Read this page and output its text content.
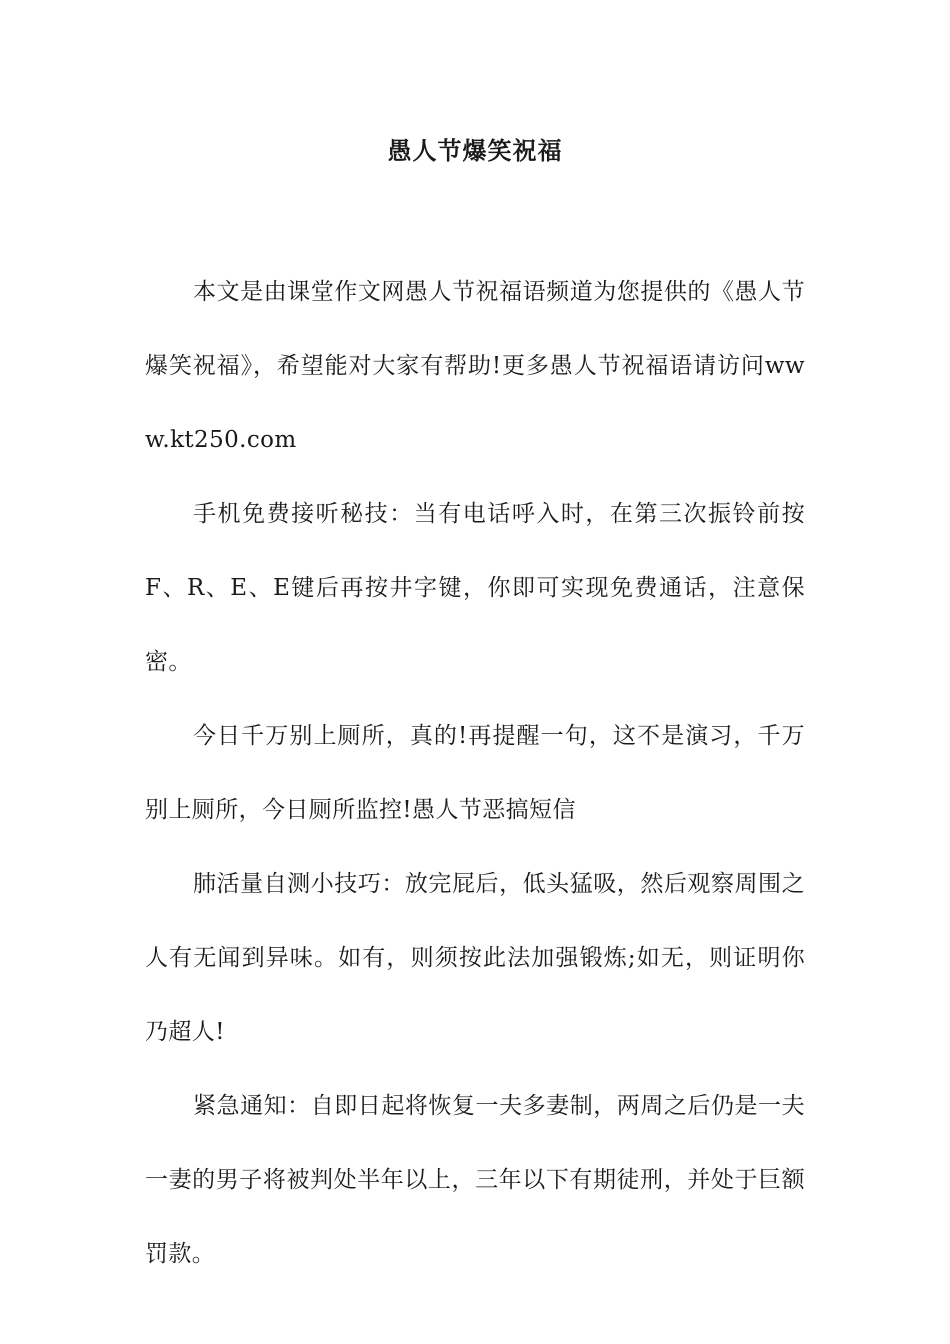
愚人节爆笑祝福

本文是由课堂作文网愚人节祝福语频道为您提供的《愚人节爆笑祝福》，希望能对大家有帮助!更多愚人节祝福语请访问www.kt250.com

手机免费接听秘技：当有电话呼入时，在第三次振铃前按F、R、E、E键后再按井字键，你即可实现免费通话，注意保密。

今日千万别上厕所，真的!再提醒一句，这不是演习，千万别上厕所，今日厕所监控!愚人节恶搞短信

肺活量自测小技巧：放完屁后，低头猛吸，然后观察周围之人有无闻到异味。如有，则须按此法加强锻炼;如无，则证明你乃超人!

紧急通知：自即日起将恢复一夫多妻制，两周之后仍是一夫一妻的男子将被判处半年以上，三年以下有期徒刑，并处于巨额罚款。
